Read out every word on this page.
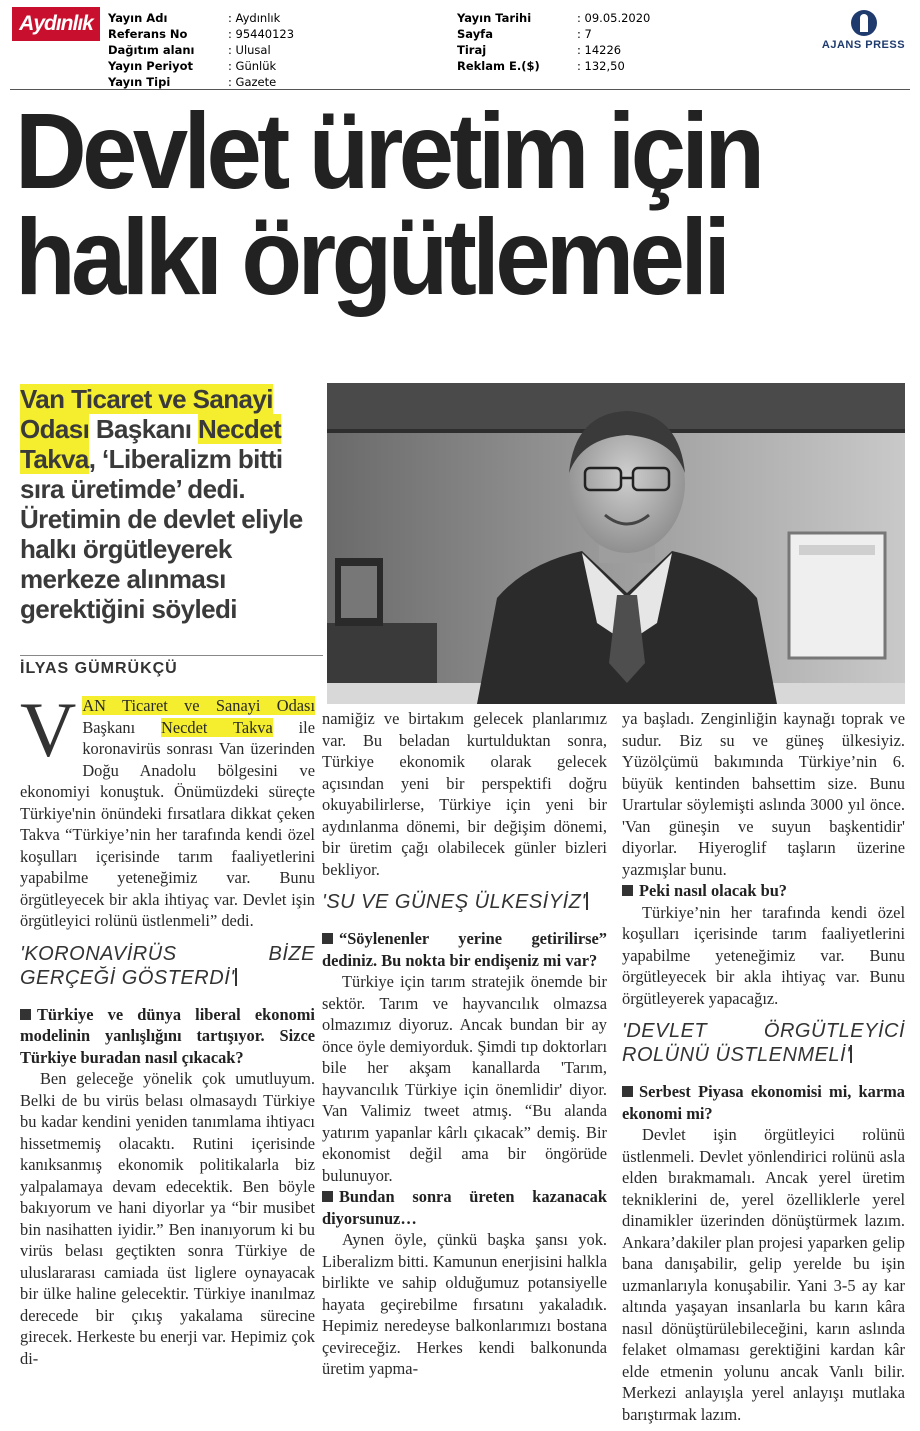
Aydınlık	Yayın Adı	: Aydınlık
Referans No	: 95440123
Dağıtım alanı	: Ulusal
Yayın Periyot	: Günlük
Yayın Tipi	: Gazete
Yayın Tarihi	: 09.05.2020
Sayfa	: 7
Tiraj	: 14226
Reklam E.($)	: 132,50
AJANS PRESS
Devlet üretim için
halkı örgütlemeli
Van Ticaret ve Sanayi Odası Başkanı Necdet Takva, ‘Liberalizm bitti sıra üretimde’ dedi. Üretimin de devlet eliyle halkı örgütleyerek merkeze alınması gerektiğini söyledi
İLYAS GÜMRÜKÇÜ

VAN Ticaret ve Sanayi Odası Başkanı Necdet Takva ile koronavirüs sonrası Van üzerinden Doğu Anadolu bölgesini ve ekonomiyi konuştuk. Önümüzdeki süreçte Türkiye'nin önündeki fırsatlara dikkat çeken Takva “Türkiye’nin her tarafında kendi özel koşulları içerisinde tarım faaliyetlerini yapabilme yeteneğimiz var. Bunu örgütleyecek bir akla ihtiyaç var. Devlet işin örgütleyici rolünü üstlenmeli” dedi.

'KORONAVİRÜS BİZE GERÇEĞİ GÖSTERDİ'

Türkiye ve dünya liberal ekonomi modelinin yanlışlığını tartışıyor. Sizce Türkiye buradan nasıl çıkacak?

Ben geleceğe yönelik çok umutluyum. Belki de bu virüs belası olmasaydı Türkiye bu kadar kendini yeniden tanımlama ihtiyacı hissetmemiş olacaktı. Rutini içerisinde kanıksanmış ekonomik politikalarla biz yalpalamaya devam edecektik. Ben böyle bakıyorum ve hani diyorlar ya “bir musibet bin nasihatten iyidir.” Ben inanıyorum ki bu virüs belası geçtikten sonra Türkiye de uluslararası camiada üst liglere oynayacak bir ülke haline gelecektir. Türkiye inanılmaz derecede bir çıkış yakalama sürecine girecek. Herkeste bu enerji var. Hepimiz çok di-

namiğiz ve birtakım gelecek planlarımız var. Bu beladan kurtulduktan sonra, Türkiye ekonomik olarak gelecek açısından yeni bir perspektifi doğru okuyabilirlerse, Türkiye için yeni bir aydınlanma dönemi, bir değişim dönemi, bir üretim çağı olabilecek günler bizleri bekliyor.

'SU VE GÜNEŞ ÜLKESİYİZ'

“Söylenenler yerine getirilirse” dediniz. Bu nokta bir endişeniz mi var?

Türkiye için tarım stratejik önemde bir sektör. Tarım ve hayvancılık olmazsa olmazımız diyoruz. Ancak bundan bir ay önce öyle demiyorduk. Şimdi tıp doktorları bile her akşam kanallarda 'Tarım, hayvancılık Türkiye için önemlidir' diyor. Van Valimiz tweet atmış. “Bu alanda yatırım yapanlar kârlı çıkacak” demiş. Bir ekonomist değil ama bir öngörüde bulunuyor.

Bundan sonra üreten kazanacak diyorsunuz…

Aynen öyle, çünkü başka şansı yok. Liberalizm bitti. Kamunun enerjisini halkla birlikte ve sahip olduğumuz potansiyelle hayata geçirebilme fırsatını yakaladık. Hepimiz neredeyse balkonlarımızı bostana çevireceğiz. Herkes kendi balkonunda üretim yapma-

ya başladı. Zenginliğin kaynağı toprak ve sudur. Biz su ve güneş ülkesiyiz. Yüzölçümü bakımında Türkiye’nin 6. büyük kentinden bahsettim size. Bunu Urartular söylemişti aslında 3000 yıl önce. 'Van güneşin ve suyun başkentidir' diyorlar. Hiyeroglif taşların üzerine yazmışlar bunu.

Peki nasıl olacak bu?

Türkiye’nin her tarafında kendi özel koşulları içerisinde tarım faaliyetlerini yapabilme yeteneğimiz var. Bunu örgütleyecek bir akla ihtiyaç var. Bunu örgütleyerek yapacağız.

'DEVLET ÖRGÜTLEYİCİ ROLÜNÜ ÜSTLENMELİ'

Serbest Piyasa ekonomisi mi, karma ekonomi mi?

Devlet işin örgütleyici rolünü üstlenmeli. Devlet yönlendirici rolünü asla elden bırakmamalı. Ancak yerel üretim tekniklerini de, yerel özelliklerle yerel dinamikler üzerinden dönüştürmek lazım. Ankara’dakiler plan projesi yaparken gelip bana danışabilir, gelip yerelde bu işin uzmanlarıyla konuşabilir. Yani 3-5 ay kar altında yaşayan insanlarla bu karın kâra nasıl dönüştürülebileceğini, karın aslında felaket olmaması gerektiğini kardan kâr elde etmenin yolunu ancak Vanlı bilir. Merkezi anlayışla yerel anlayışı mutlaka barıştırmak lazım.
